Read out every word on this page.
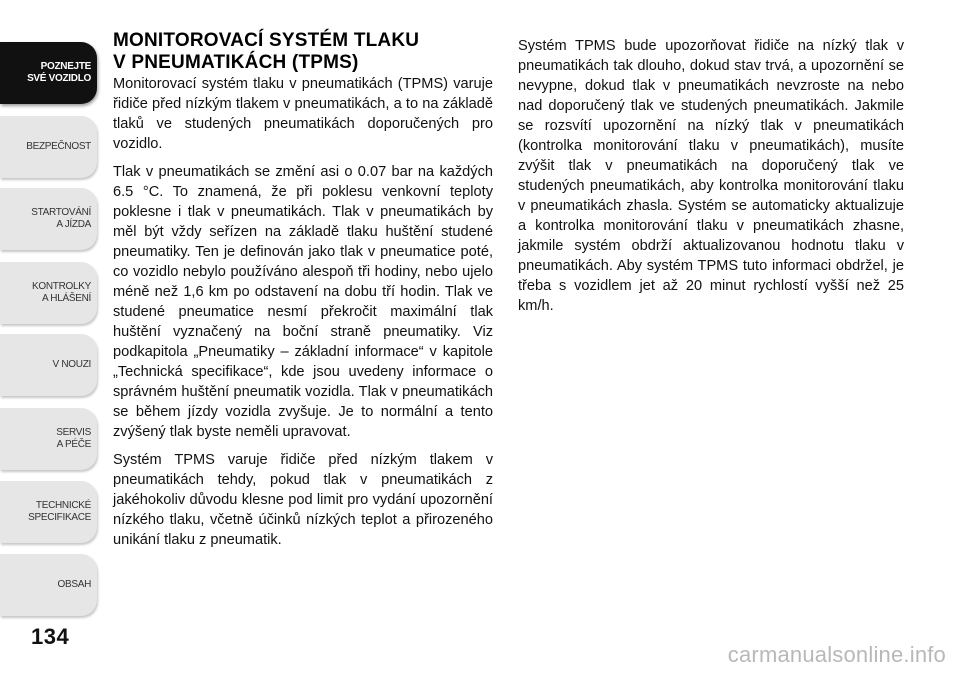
POZNEJTE
SVÉ VOZIDLO
BEZPEČNOST
STARTOVÁNÍ
A JÍZDA
KONTROLKY
A HLÁŠENÍ
V NOUZI
SERVIS
A PÉČE
TECHNICKÉ
SPECIFIKACE
OBSAH
134
MONITOROVACÍ SYSTÉM TLAKU
V PNEUMATIKÁCH (TPMS)

Monitorovací systém tlaku v pneumatikách (TPMS) varuje řidiče před nízkým tlakem v pneumatikách, a to na základě tlaků ve studených pneumatikách doporučených pro vozidlo.

Tlak v pneumatikách se změní asi o 0.07 bar na každých 6.5 °C. To znamená, že při poklesu venkovní teploty poklesne i tlak v pneumatikách. Tlak v pneumatikách by měl být vždy seřízen na základě tlaku huštění studené pneumatiky. Ten je definován jako tlak v pneumatice poté, co vozidlo nebylo používáno alespoň tři hodiny, nebo ujelo méně než 1,6 km po odstavení na dobu tří hodin. Tlak ve studené pneumatice nesmí překročit maximální tlak huštění vyznačený na boční straně pneumatiky. Viz podkapitola „Pneumatiky – základní informace“ v kapitole „Technická specifikace“, kde jsou uvedeny informace o správném huštění pneumatik vozidla. Tlak v pneumatikách se během jízdy vozidla zvyšuje. Je to normální a tento zvýšený tlak byste neměli upravovat.

Systém TPMS varuje řidiče před nízkým tlakem v pneumatikách tehdy, pokud tlak v pneumatikách z jakéhokoliv důvodu klesne pod limit pro vydání upozornění nízkého tlaku, včetně účinků nízkých teplot a přirozeného unikání tlaku z pneumatik.

Systém TPMS bude upozorňovat řidiče na nízký tlak v pneumatikách tak dlouho, dokud stav trvá, a upozornění se nevypne, dokud tlak v pneumatikách nevzroste na nebo nad doporučený tlak ve studených pneumatikách. Jakmile se rozsvítí upozornění na nízký tlak v pneumatikách (kontrolka monitorování tlaku v pneumatikách), musíte zvýšit tlak v pneumatikách na doporučený tlak ve studených pneumatikách, aby kontrolka monitorování tlaku v pneumatikách zhasla. Systém se automaticky aktualizuje a kontrolka monitorování tlaku v pneumatikách zhasne, jakmile systém obdrží aktualizovanou hodnotu tlaku v pneumatikách. Aby systém TPMS tuto informaci obdržel, je třeba s vozidlem jet až 20 minut rychlostí vyšší než 25 km/h.

carmanualsonline.info
